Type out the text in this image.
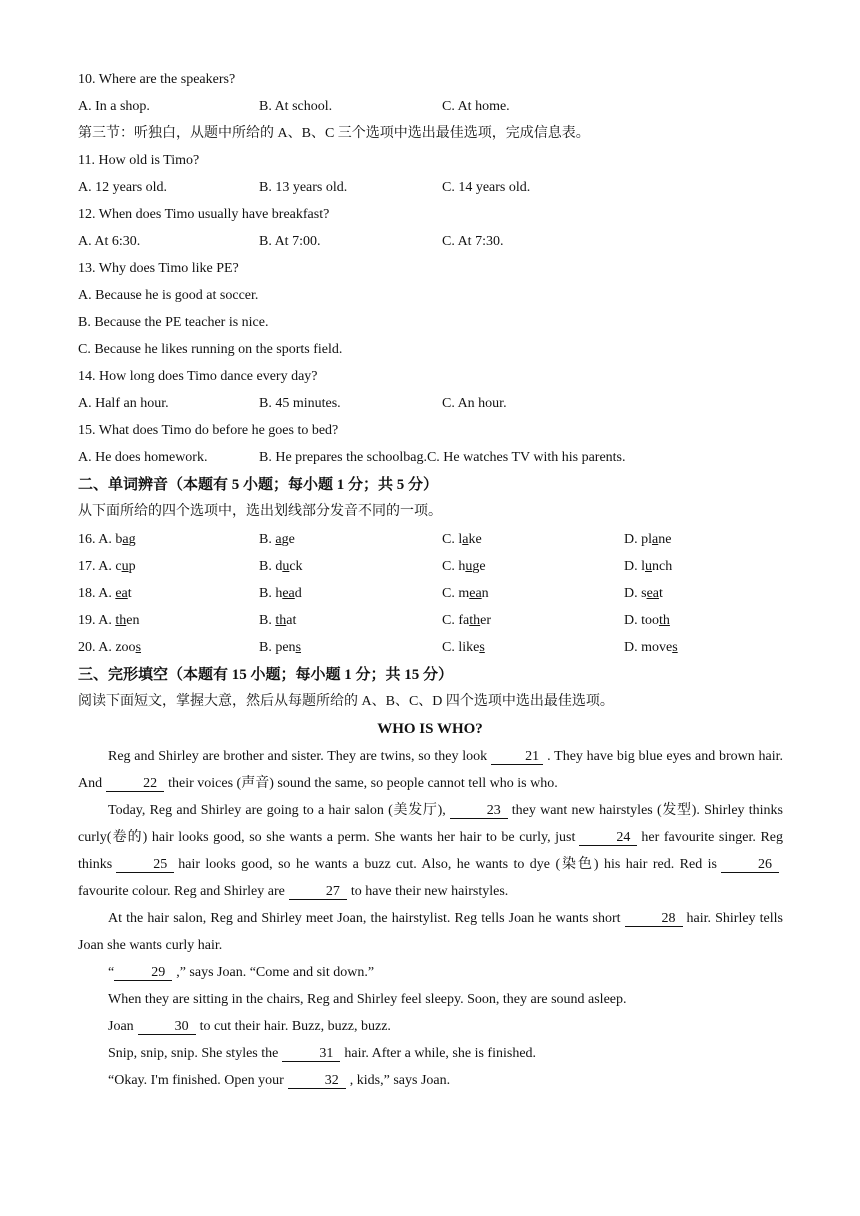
10. Where are the speakers?
A. In a shop.	B. At school.	C. At home.
第三节：听独白，从题中所给的 A、B、C 三个选项中选出最佳选项，完成信息表。
11. How old is Timo?
A. 12 years old.	B. 13 years old.	C. 14 years old.
12. When does Timo usually have breakfast?
A. At 6:30.	B. At 7:00.	C. At 7:30.
13. Why does Timo like PE?
A. Because he is good at soccer.
B. Because the PE teacher is nice.
C. Because he likes running on the sports field.
14. How long does Timo dance every day?
A. Half an hour.	B. 45 minutes.	C. An hour.
15. What does Timo do before he goes to bed?
A. He does homework.	B. He prepares the schoolbag.C. He watches TV with his parents.
二、单词辨音（本题有 5 小题；每小题 1 分；共 5 分）
从下面所给的四个选项中，选出划线部分发音不同的一项。
16. A. bag	B. age	C. lake	D. plane
17. A. cup	B. duck	C. huge	D. lunch
18. A. eat	B. head	C. mean	D. seat
19. A. then	B. that	C. father	D. tooth
20. A. zoos	B. pens	C. likes	D. moves
三、完形填空（本题有 15 小题；每小题 1 分；共 15 分）
阅读下面短文，掌握大意，然后从每题所给的 A、B、C、D 四个选项中选出最佳选项。
WHO IS WHO?
Reg and Shirley are brother and sister. They are twins, so they look	21 . They have big blue eyes and brown hair. And	22 their voices (声音) sound the same, so people cannot tell who is who.
Today, Reg and Shirley are going to a hair salon (美发厅),	23 they want new hairstyles (发型). Shirley thinks curly(卷的) hair looks good, so she wants a perm. She wants her hair to be curly, just	24 her favourite singer. Reg thinks	25 hair looks good, so he wants a buzz cut. Also, he wants to dye (染色) his hair red. Red is	26favourite colour. Reg and Shirley are	27 to have their new hairstyles.
At the hair salon, Reg and Shirley meet Joan, the hairstylist. Reg tells Joan he wants short	28 hair. Shirley tells Joan she wants curly hair.
“	29 ,” says Joan. “Come and sit down.”
When they are sitting in the chairs, Reg and Shirley feel sleepy. Soon, they are sound asleep.
Joan	30 to cut their hair. Buzz, buzz, buzz.
Snip, snip, snip. She styles the	31 hair. After a while, she is finished.
“Okay. I'm finished. Open your	32 , kids,” says Joan.
